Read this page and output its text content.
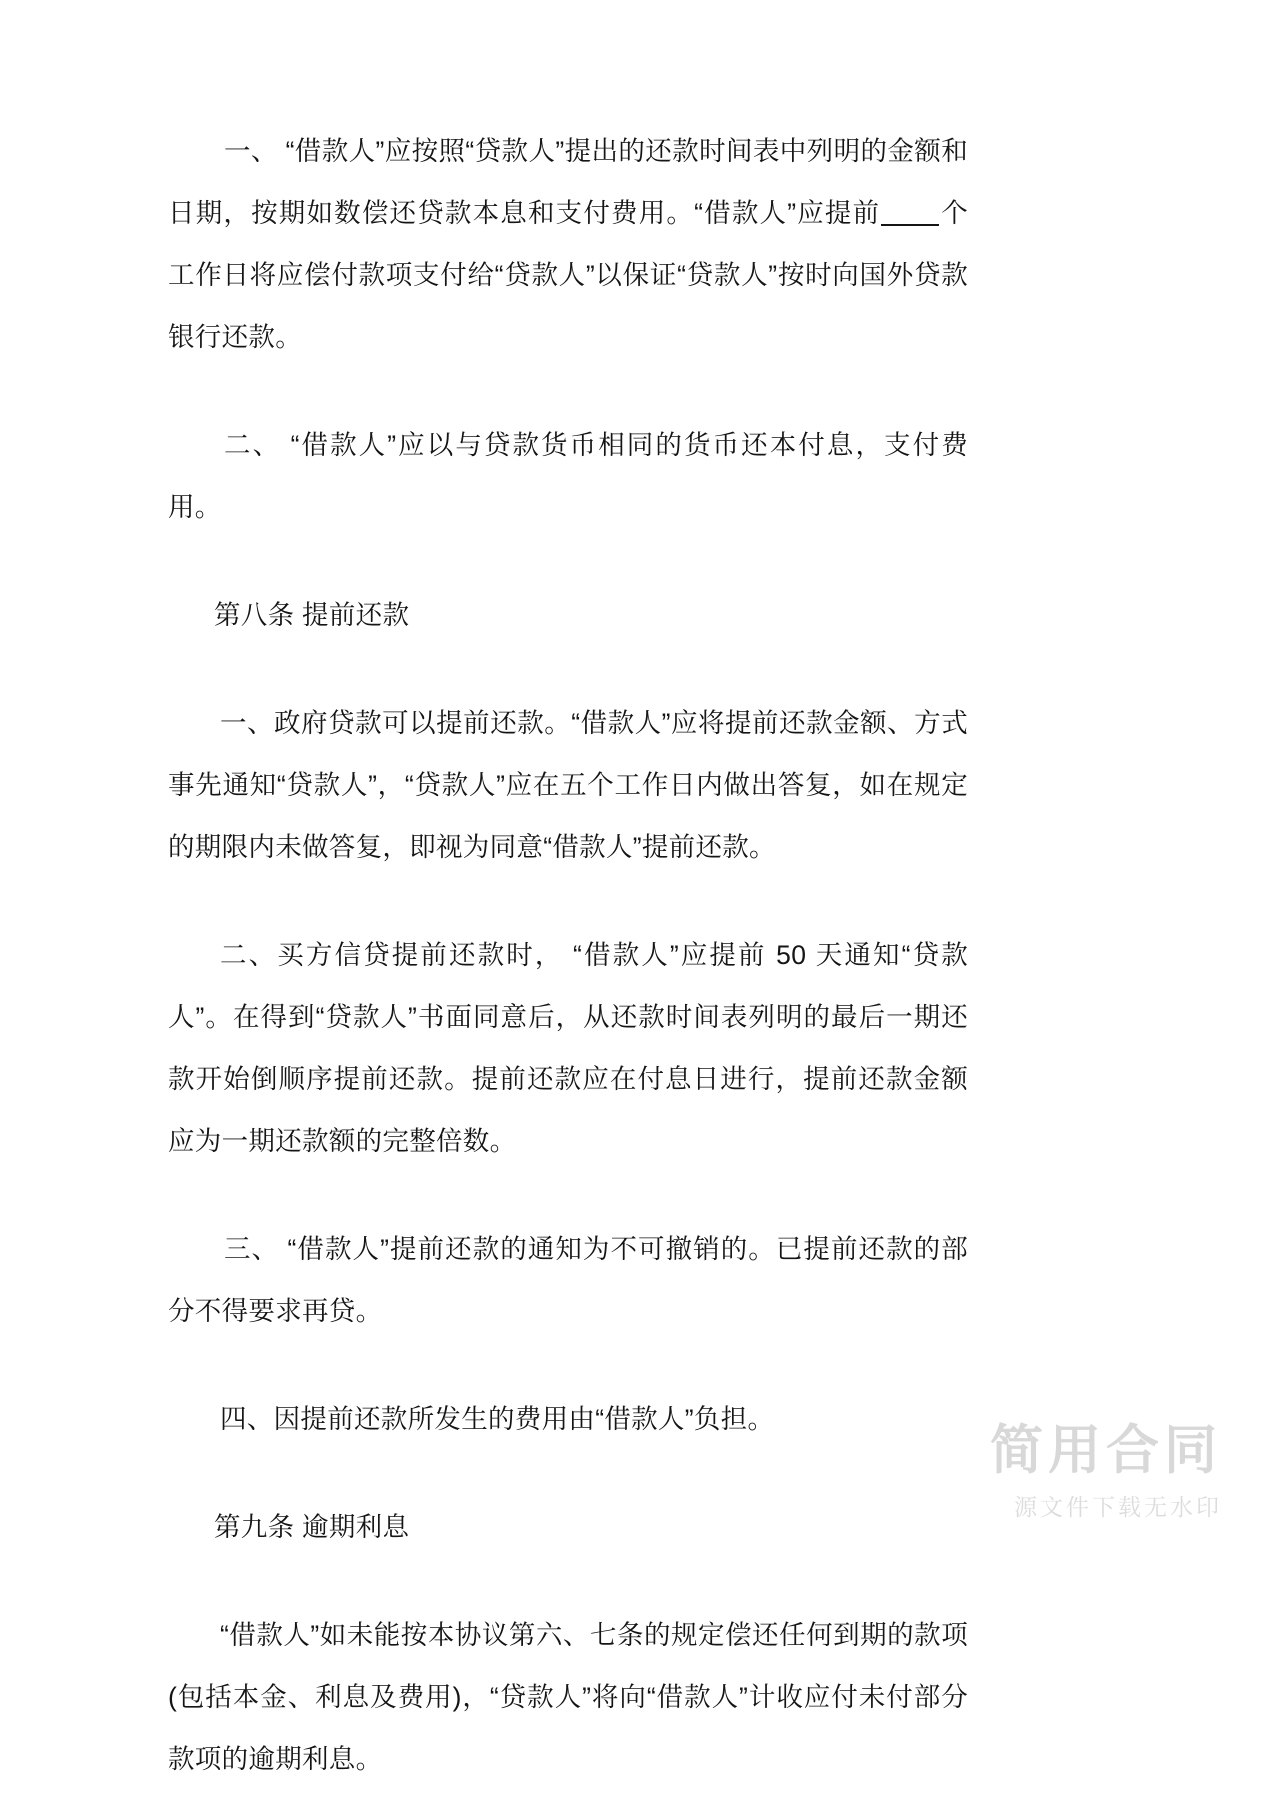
一、 “借款人”应按照“贷款人”提出的还款时间表中列明的金额和日期，按期如数偿还贷款本息和支付费用。“借款人”应提前 个工作日将应偿付款项支付给“贷款人”以保证“贷款人”按时向国外贷款银行还款。

二、 “借款人”应以与贷款货币相同的货币还本付息，支付费用。

第八条 提前还款

一、政府贷款可以提前还款。“借款人”应将提前还款金额、方式事先通知“贷款人”，“贷款人”应在五个工作日内做出答复，如在规定的期限内未做答复，即视为同意“借款人”提前还款。

二、买方信贷提前还款时， “借款人”应提前 50 天通知“贷款人”。在得到“贷款人”书面同意后，从还款时间表列明的最后一期还款开始倒顺序提前还款。提前还款应在付息日进行，提前还款金额应为一期还款额的完整倍数。

三、 “借款人”提前还款的通知为不可撤销的。已提前还款的部分不得要求再贷。

四、因提前还款所发生的费用由“借款人”负担。

第九条 逾期利息

“借款人”如未能按本协议第六、七条的规定偿还任何到期的款项(包括本金、利息及费用)，“贷款人”将向“借款人”计收应付未付部分款项的逾期利息。

简用合同
源文件下载无水印
